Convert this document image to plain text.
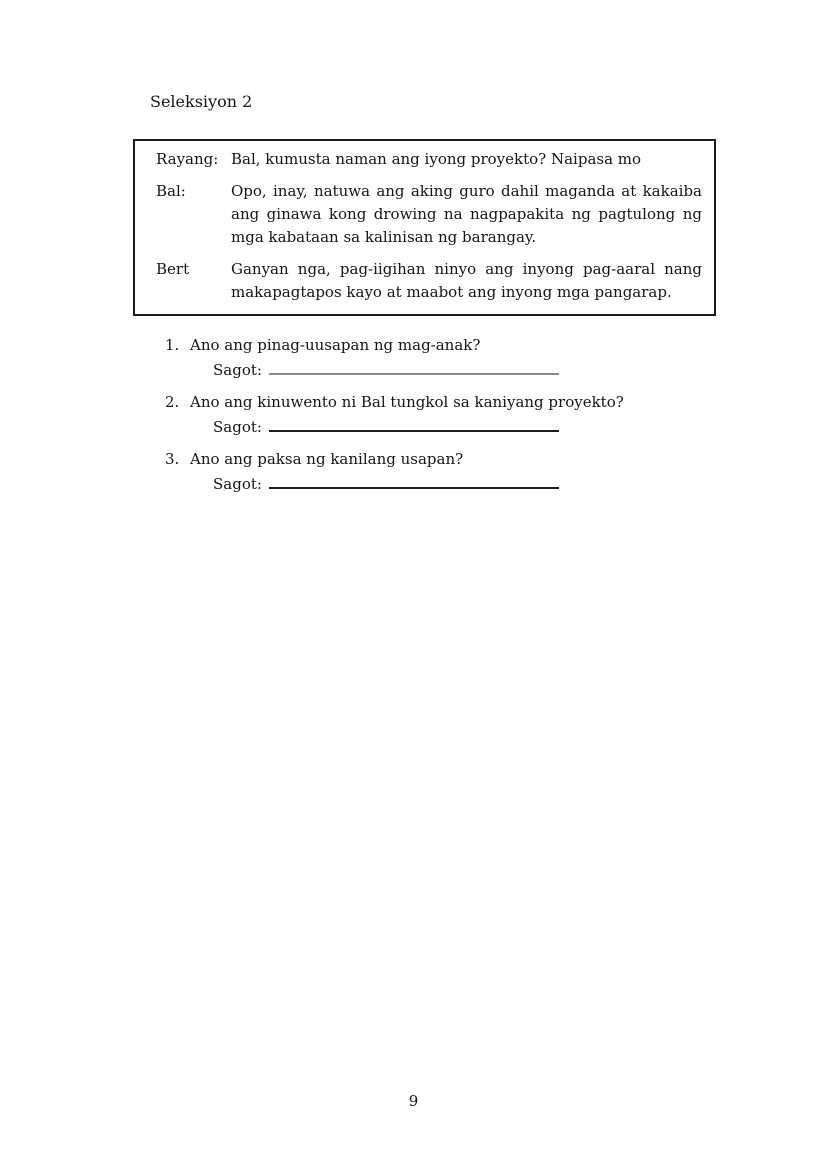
Seleksiyon 2
Rayang: Bal, kumusta naman ang iyong proyekto? Naipasa mo
Bal:	Opo, inay, natuwa ang aking guro dahil maganda at kakaiba ang ginawa kong drowing na nagpapakita ng pagtulong ng mga kabataan sa kalinisan ng barangay.
Bert	Ganyan nga, pag-iigihan ninyo ang inyong pag-aaral nang makapagtapos kayo at maabot ang inyong mga pangarap.
1. Ano ang pinag-uusapan ng mag-anak?
Sagot:
2. Ano ang kinuwento ni Bal tungkol sa kaniyang proyekto?
Sagot:
3. Ano ang paksa ng kanilang usapan?
Sagot:
9
